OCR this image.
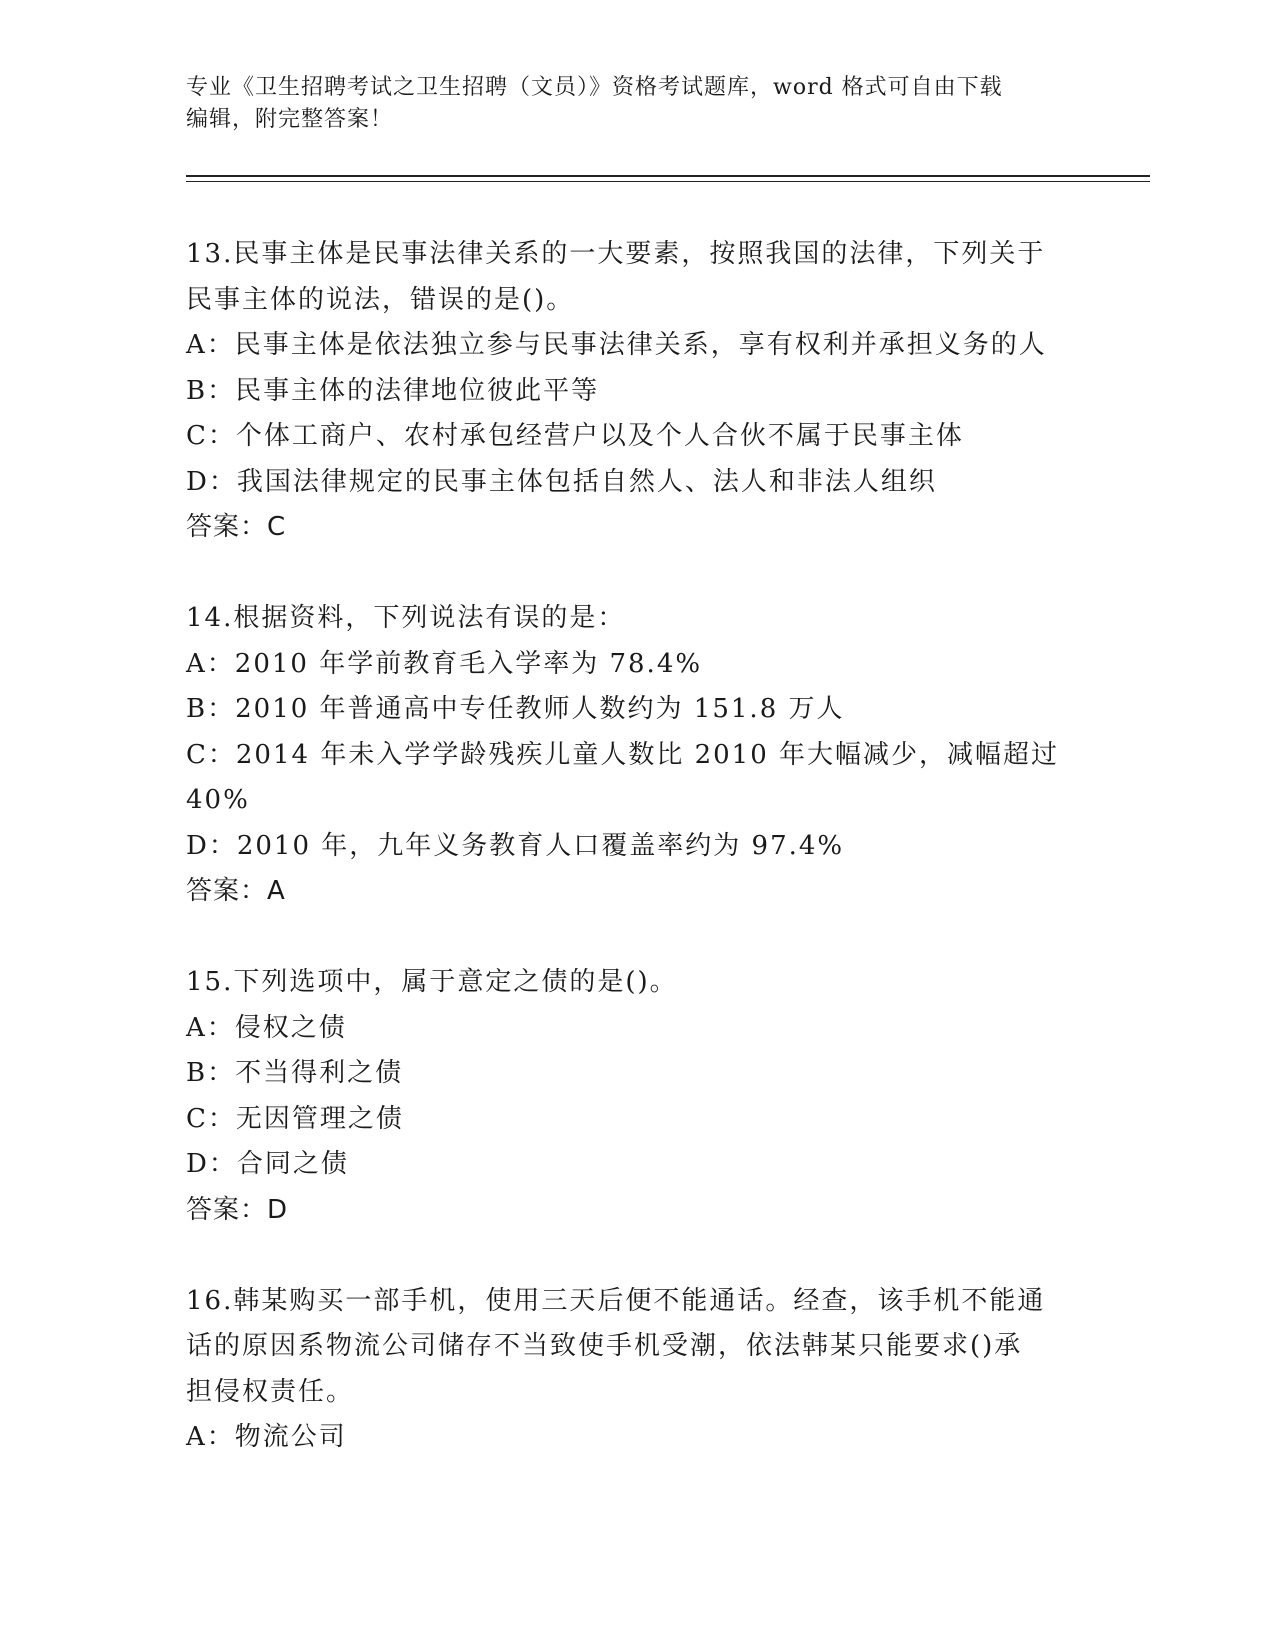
专业《卫生招聘考试之卫生招聘（文员）》资格考试题库，word 格式可自由下载
编辑，附完整答案！
13.民事主体是民事法律关系的一大要素，按照我国的法律，下列关于
民事主体的说法，错误的是()。
A：民事主体是依法独立参与民事法律关系，享有权利并承担义务的人
B：民事主体的法律地位彼此平等
C：个体工商户、农村承包经营户以及个人合伙不属于民事主体
D：我国法律规定的民事主体包括自然人、法人和非法人组织
答案：C
14.根据资料，下列说法有误的是：
A：2010 年学前教育毛入学率为 78.4%
B：2010 年普通高中专任教师人数约为 151.8 万人
C：2014 年未入学学龄残疾儿童人数比 2010 年大幅减少，减幅超过
40%
D：2010 年，九年义务教育人口覆盖率约为 97.4%
答案：A
15.下列选项中，属于意定之债的是()。
A：侵权之债
B：不当得利之债
C：无因管理之债
D：合同之债
答案：D
16.韩某购买一部手机，使用三天后便不能通话。经查，该手机不能通
话的原因系物流公司储存不当致使手机受潮，依法韩某只能要求()承
担侵权责任。
A：物流公司
